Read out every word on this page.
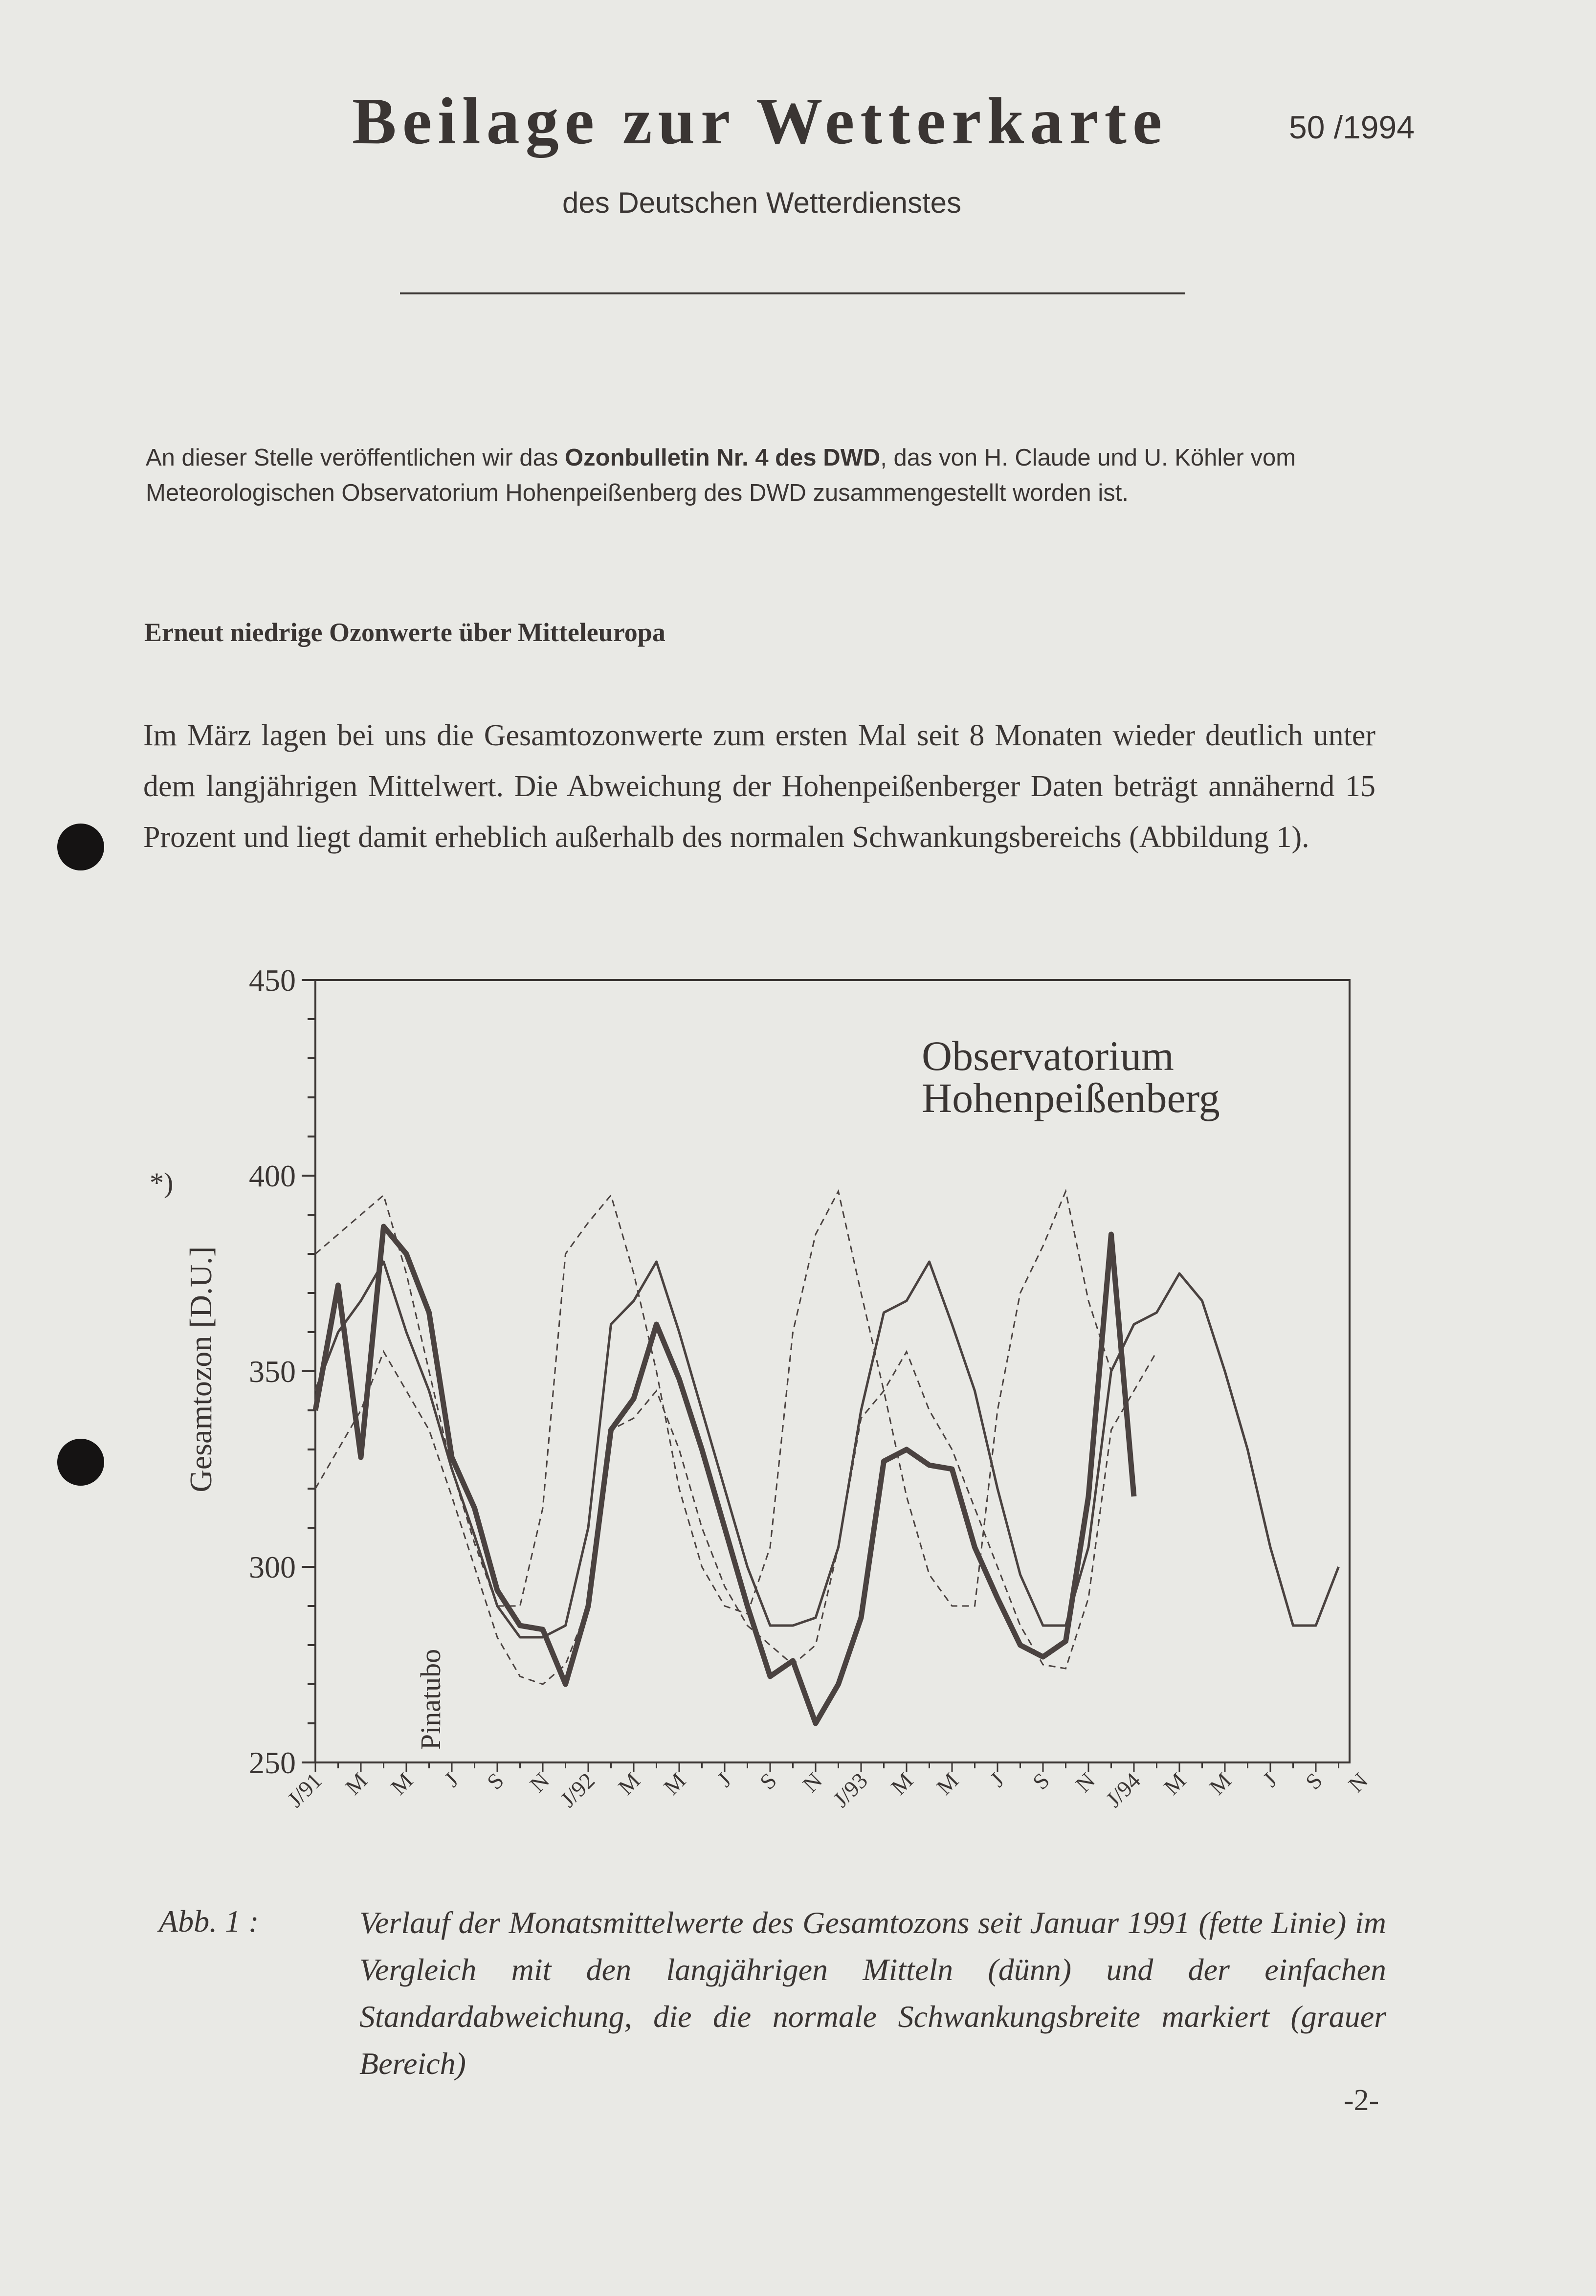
Beilage zur Wetterkarte	50 /1994
des Deutschen Wetterdienstes
An dieser Stelle veröffentlichen wir das Ozonbulletin Nr. 4 des DWD, das von H. Claude und U. Köhler vom Meteorologischen Observatorium Hohenpeißenberg des DWD zusammengestellt worden ist.
Erneut niedrige Ozonwerte über Mitteleuropa
Im März lagen bei uns die Gesamtozonwerte zum ersten Mal seit 8 Monaten wieder deutlich unter dem langjährigen Mittelwert. Die Abweichung der Hohenpeißenberger Daten beträgt annähernd 15 Prozent und liegt damit erheblich außerhalb des normalen Schwankungsbereichs (Abbildung 1).
*)
250
300
350
400
450
J/91 M M J S N J/92 M M J S N J/93 M M J S N J/94 M M J S N
Observatorium
Hohenpeißenberg
Gesamtozon [D.U.]
Pinatubo
Abb. 1 :	Verlauf der Monatsmittelwerte des Gesamtozons seit Januar 1991 (fette Linie) im Vergleich mit den langjährigen Mitteln (dünn) und der einfachen Standardabweichung, die die normale Schwankungsbreite markiert (grauer Bereich)
-2-
